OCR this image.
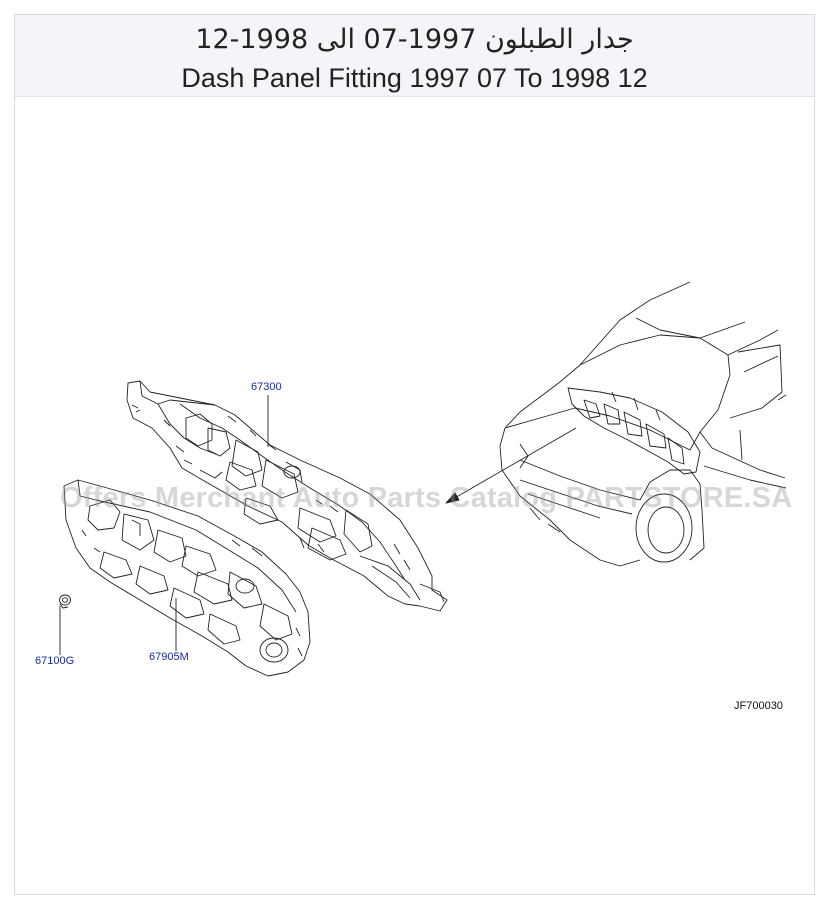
جدار الطبلون 1997-07 الى 1998-12
Dash Panel Fitting 1997 07 To 1998 12
Offers Merchant Auto Parts Catalog PARTSTORE.SA
67300
67905M
67100G
JF700030
